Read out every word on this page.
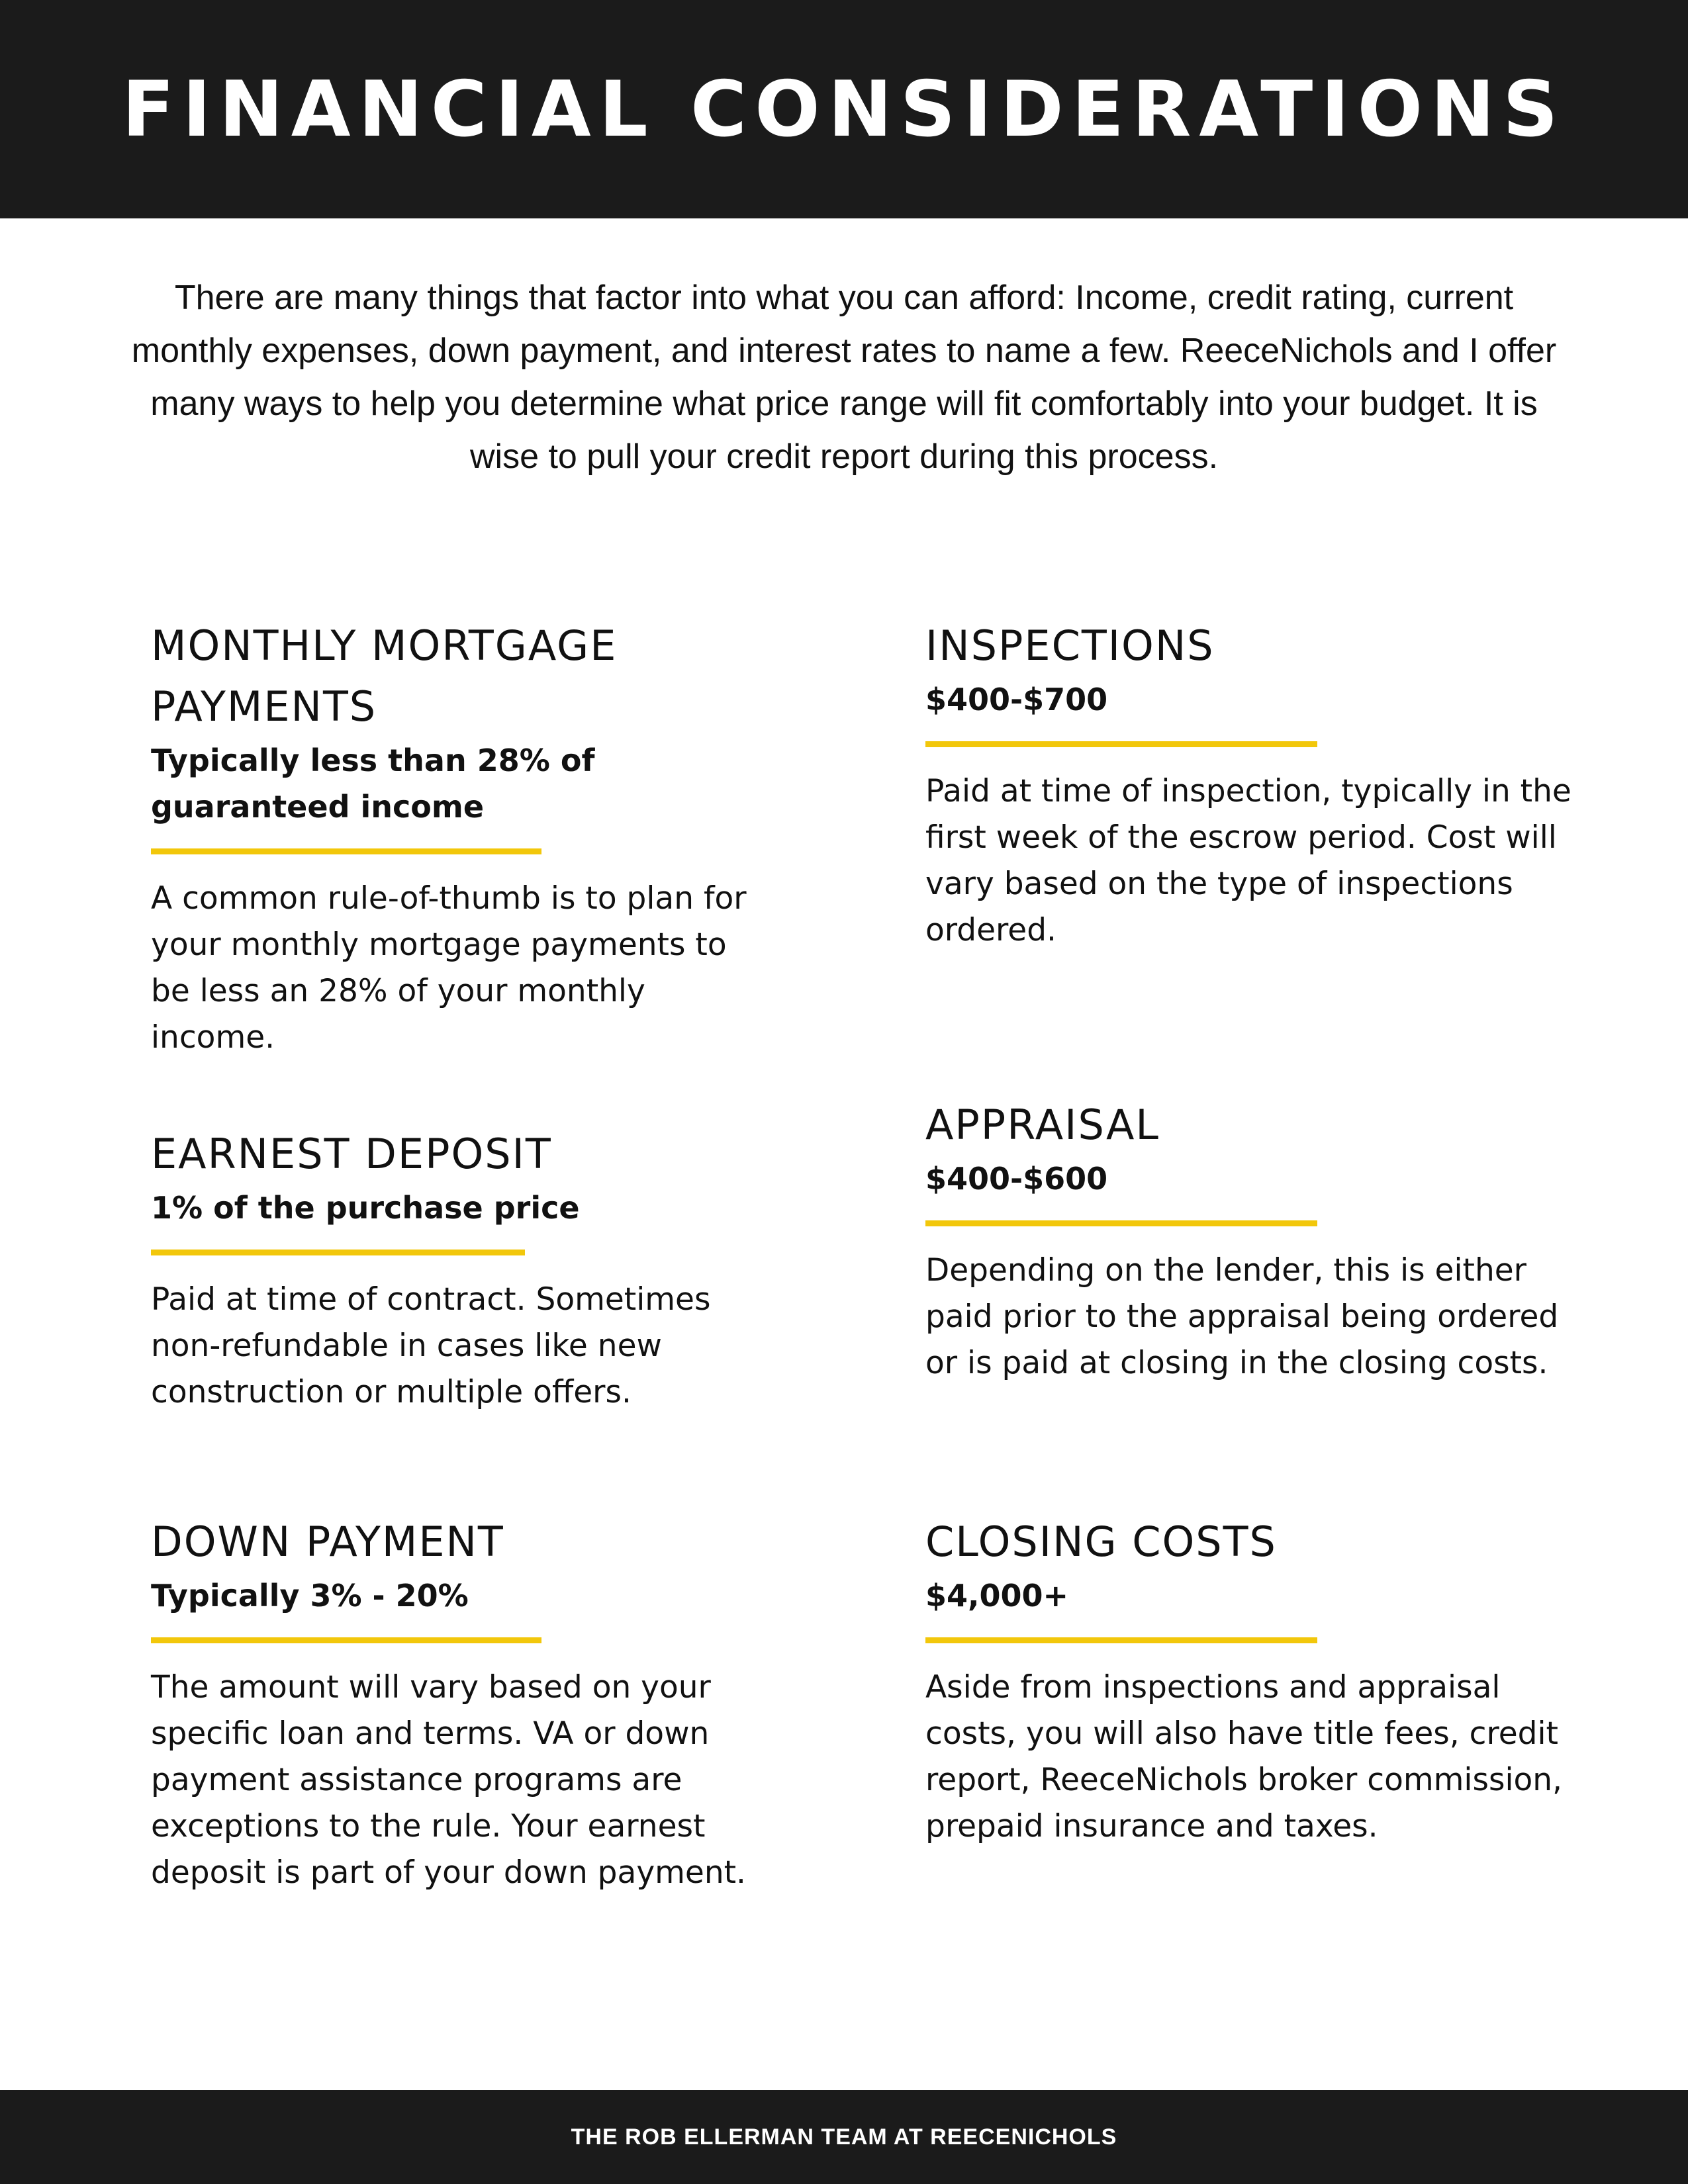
FINANCIAL CONSIDERATIONS

There are many things that factor into what you can afford: Income, credit rating, current monthly expenses, down payment, and interest rates to name a few. ReeceNichols and I offer many ways to help you determine what price range will fit comfortably into your budget. It is wise to pull your credit report during this process.

MONTHLY MORTGAGE PAYMENTS

Typically less than 28% of guaranteed income

A common rule-of-thumb is to plan for your monthly mortgage payments to be less an 28% of your monthly income.

EARNEST DEPOSIT

1% of the purchase price

Paid at time of contract. Sometimes non-refundable in cases like new construction or multiple offers.

DOWN PAYMENT

Typically 3% - 20%

The amount will vary based on your specific loan and terms. VA or down payment assistance programs are exceptions to the rule. Your earnest deposit is part of your down payment.

INSPECTIONS

$400-$700

Paid at time of inspection, typically in the first week of the escrow period. Cost will vary based on the type of inspections ordered.

APPRAISAL

$400-$600

Depending on the lender, this is either paid prior to the appraisal being ordered or is paid at closing in the closing costs.

CLOSING COSTS

$4,000+

Aside from inspections and appraisal costs, you will also have title fees, credit report, ReeceNichols broker commission, prepaid insurance and taxes.

THE ROB ELLERMAN TEAM AT REECENICHOLS
